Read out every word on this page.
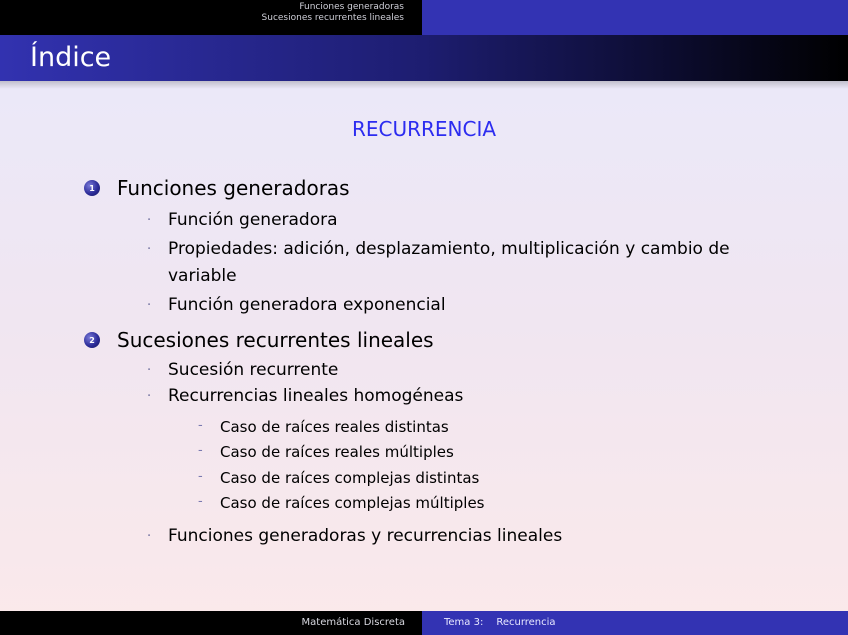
Funciones generadoras
Sucesiones recurrentes lineales
Índice
RECURRENCIA
1 Funciones generadoras
· Función generadora
· Propiedades: adición, desplazamiento, multiplicación y cambio de variable
· Función generadora exponencial
2 Sucesiones recurrentes lineales
· Sucesión recurrente
· Recurrencias lineales homogéneas
- Caso de raíces reales distintas
- Caso de raíces reales múltiples
- Caso de raíces complejas distintas
- Caso de raíces complejas múltiples
· Funciones generadoras y recurrencias lineales
Matemática Discreta	Tema 3: Recurrencia
